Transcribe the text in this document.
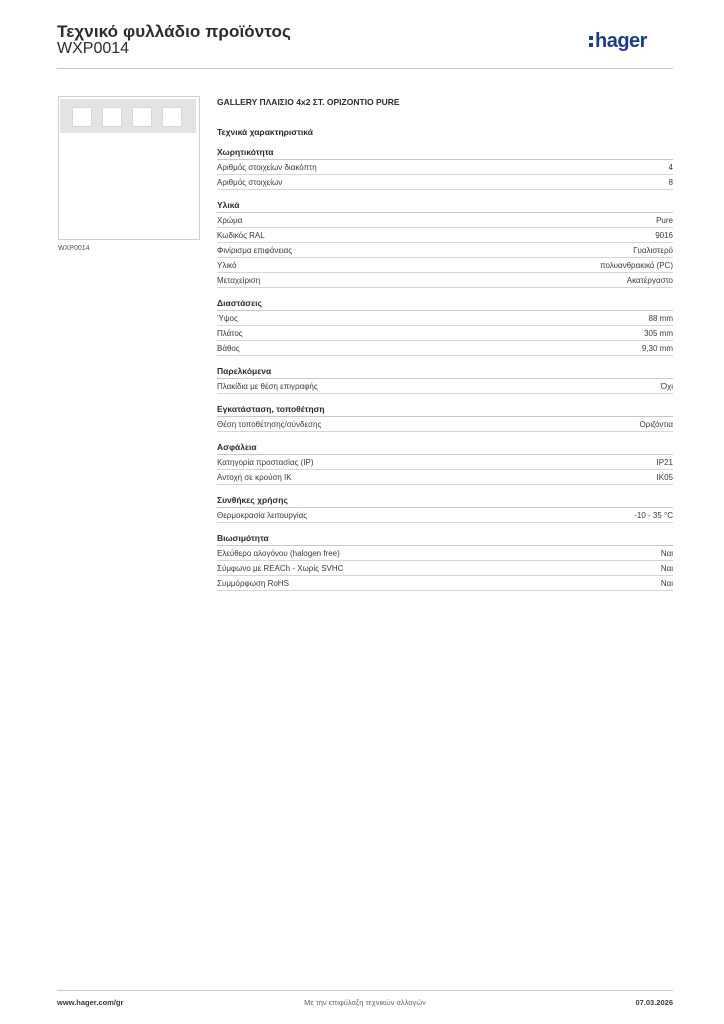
Τεχνικό φυλλάδιο προϊόντος
WXP0014	hager
WXP0014
GALLERY ΠΛΑΙΣΙΟ 4x2 ΣΤ. ΟΡΙΖΟΝΤΙΟ PURE
Τεχνικά χαρακτηριστικά
Χωρητικότητα
Αριθμός στοιχείων διακόπτη	4
Αριθμός στοιχείων	8
Υλικά
Χρώμα	Pure
Κωδικός RAL	9016
Φινίρισμα επιφάνειας	Γυαλιστερό
Υλικό	πολυανθρακικό (PC)
Μεταχείριση	Ακατέργαστο
Διαστάσεις
Ύψος	88 mm
Πλάτος	305 mm
Βάθος	9,30 mm
Παρελκόμενα
Πλακίδια με θέση επιγραφής	Όχι
Εγκατάσταση, τοποθέτηση
Θέση τοποθέτησης/σύνδεσης	Οριζόντια
Ασφάλεια
Κατηγορία προστασίας (IP)	IP21
Αντοχή σε κρούση IK	IK05
Συνθήκες χρήσης
Θερμοκρασία λειτουργίας	-10 - 35 °C
Βιωσιμότητα
Ελεύθερο αλογόνου (halogen free)	Ναι
Σύμφωνο με REACh - Χωρίς SVHC	Ναι
Συμμόρφωση RoHS	Ναι
www.hager.com/gr	Με την επιφύλαξη τεχνικών αλλαγών	07.03.2026
